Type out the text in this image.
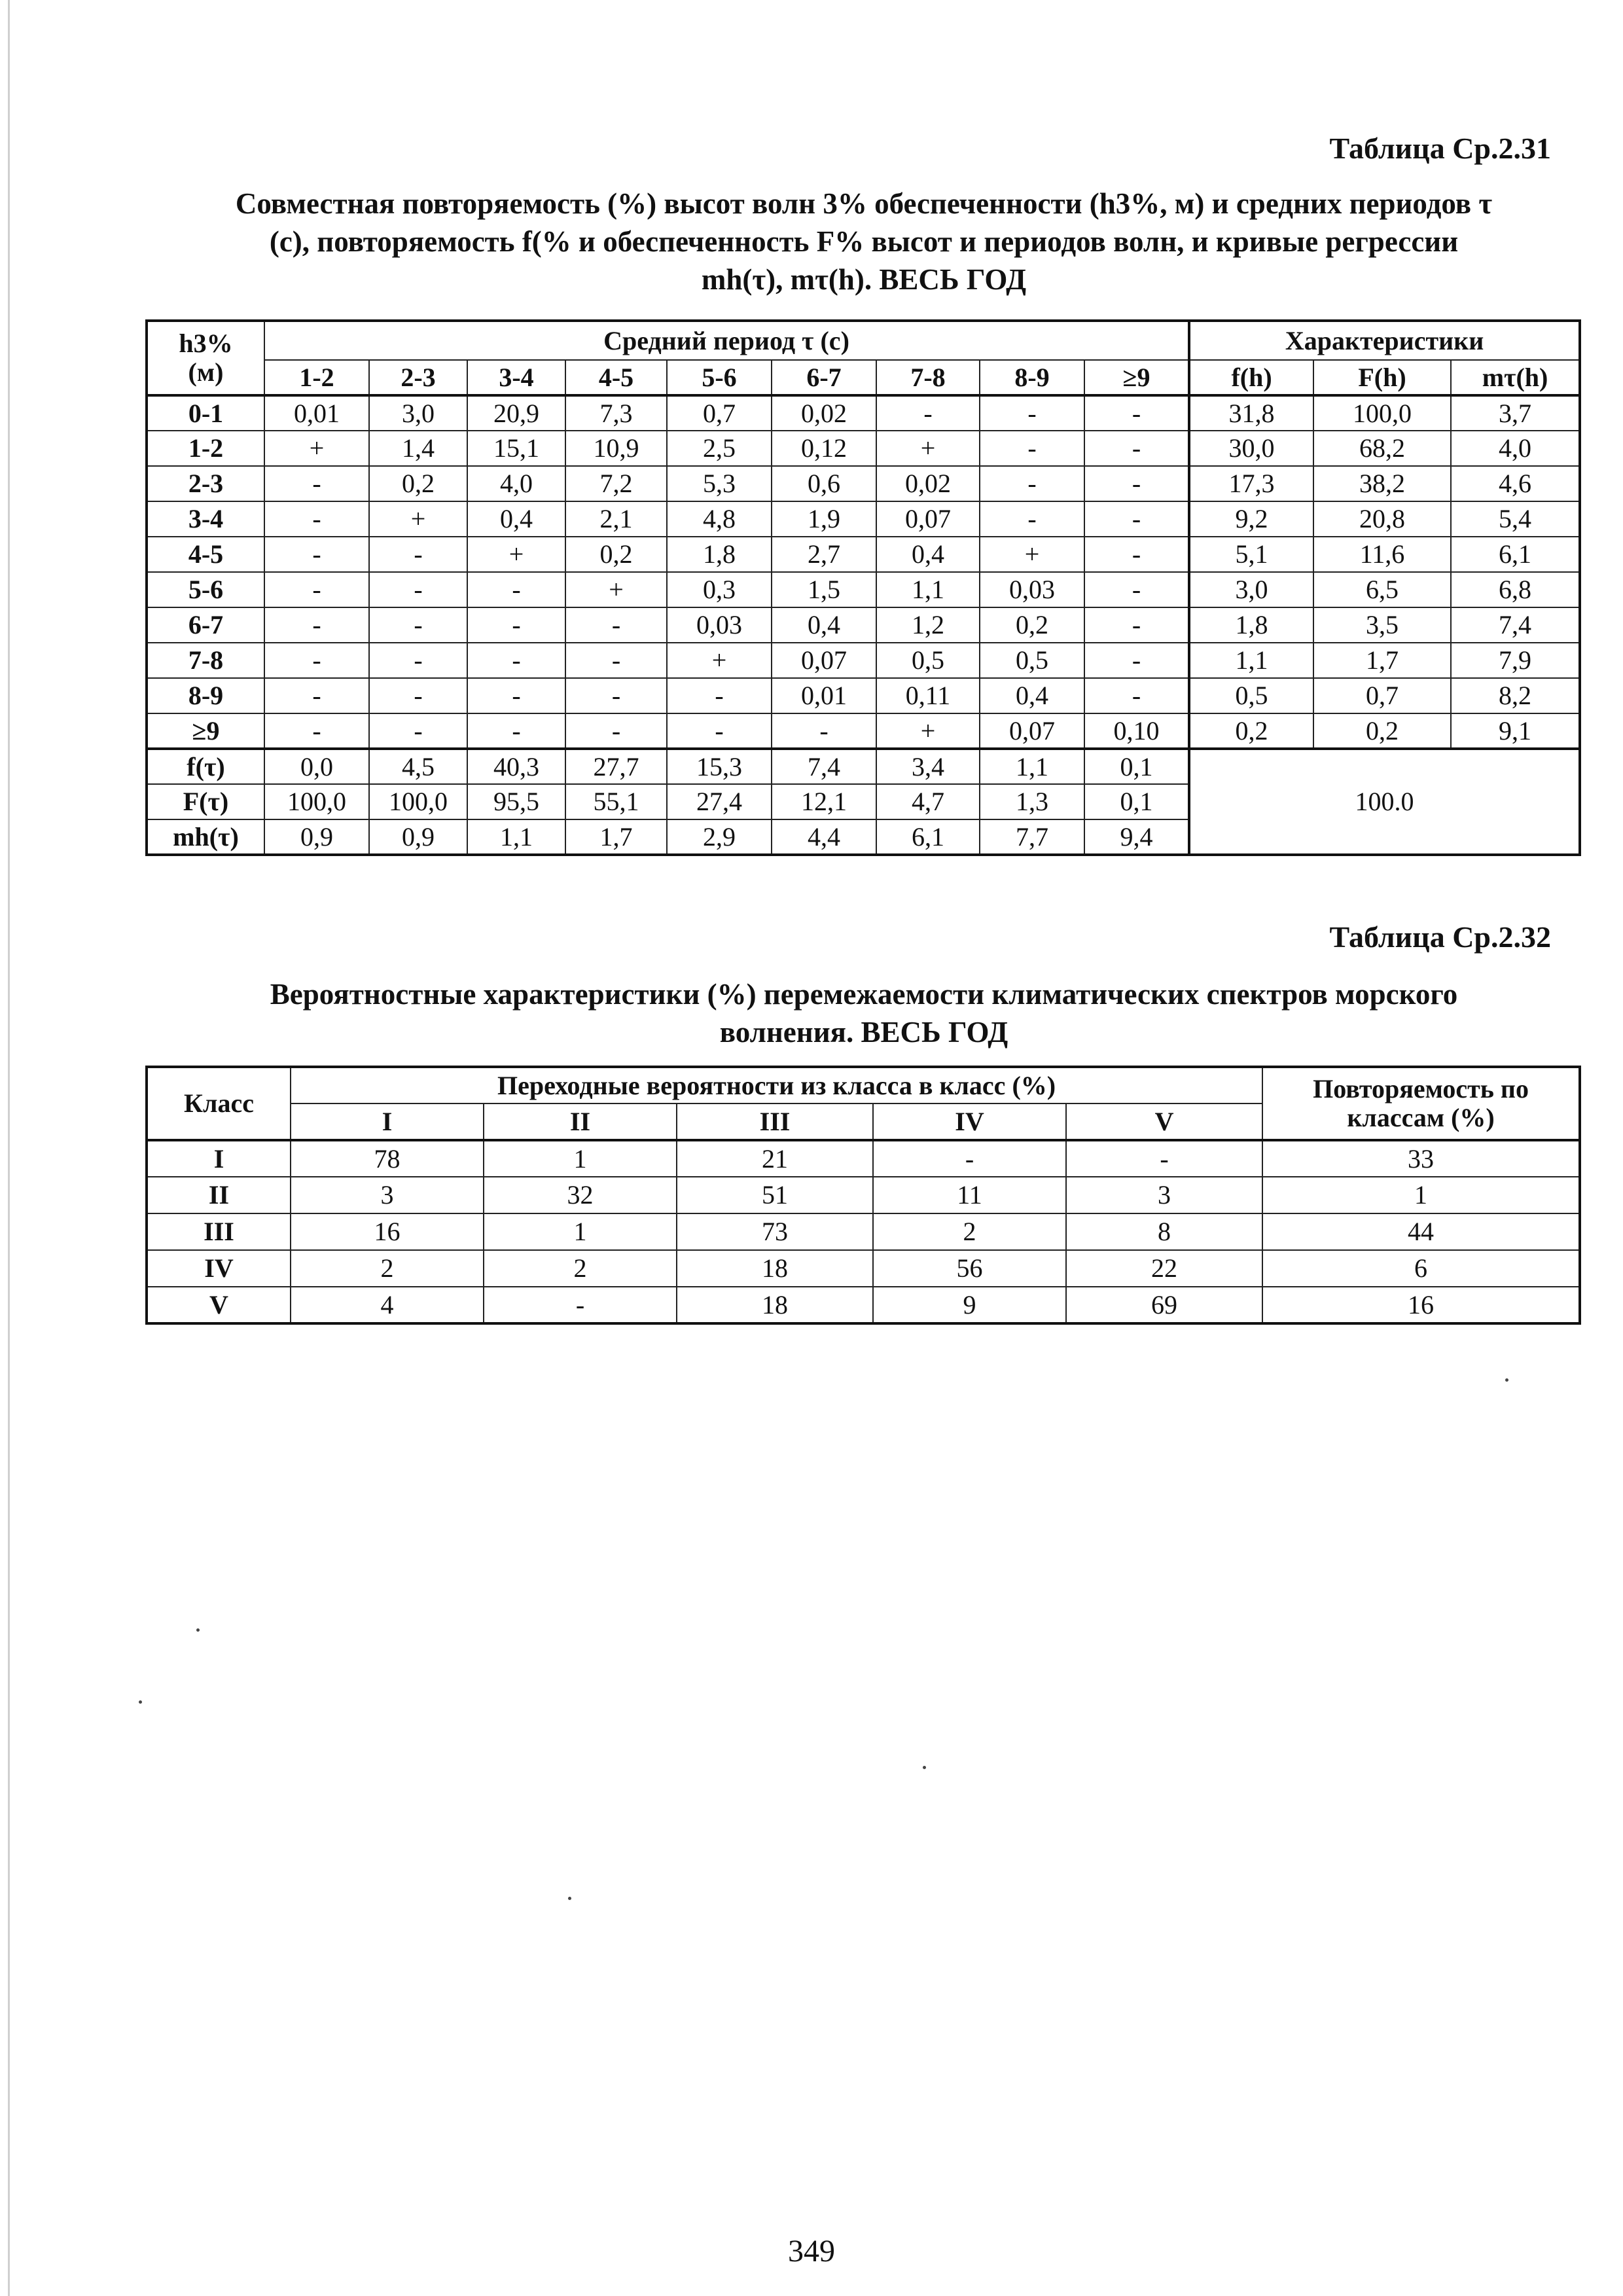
Таблица Ср.2.31
Совместная повторяемость (%) высот волн 3% обеспеченности (h3%, м) и средних периодов τ
(с), повторяемость f(% и обеспеченность F% высот и периодов волн, и кривые регрессии
mh(τ), mτ(h). ВЕСЬ ГОД
h3%
(м)	Средний период τ (с)									Характеристики		
	1-2	2-3	3-4	4-5	5-6	6-7	7-8	8-9	≥9	f(h)	F(h)	mτ(h)
0-1	0,01	3,0	20,9	7,3	0,7	0,02	-	-	-	31,8	100,0	3,7
1-2	+	1,4	15,1	10,9	2,5	0,12	+	-	-	30,0	68,2	4,0
2-3	-	0,2	4,0	7,2	5,3	0,6	0,02	-	-	17,3	38,2	4,6
3-4	-	+	0,4	2,1	4,8	1,9	0,07	-	-	9,2	20,8	5,4
4-5	-	-	+	0,2	1,8	2,7	0,4	+	-	5,1	11,6	6,1
5-6	-	-	-	+	0,3	1,5	1,1	0,03	-	3,0	6,5	6,8
6-7	-	-	-	-	0,03	0,4	1,2	0,2	-	1,8	3,5	7,4
7-8	-	-	-	-	+	0,07	0,5	0,5	-	1,1	1,7	7,9
8-9	-	-	-	-	-	0,01	0,11	0,4	-	0,5	0,7	8,2
≥9	-	-	-	-	-	-	+	0,07	0,10	0,2	0,2	9,1
f(τ)	0,0	4,5	40,3	27,7	15,3	7,4	3,4	1,1	0,1	100.0		
F(τ)	100,0	100,0	95,5	55,1	27,4	12,1	4,7	1,3	0,1			
mh(τ)	0,9	0,9	1,1	1,7	2,9	4,4	6,1	7,7	9,4			
Таблица Ср.2.32
Вероятностные характеристики (%) перемежаемости климатических спектров морского
волнения. ВЕСЬ ГОД
Класс	Переходные вероятности из класса в класс (%)					Повторяемость по классам (%)
	I	II	III	IV	V	
I	78	1	21	-	-	33
II	3	32	51	11	3	1
III	16	1	73	2	8	44
IV	2	2	18	56	22	6
V	4	-	18	9	69	16
349
